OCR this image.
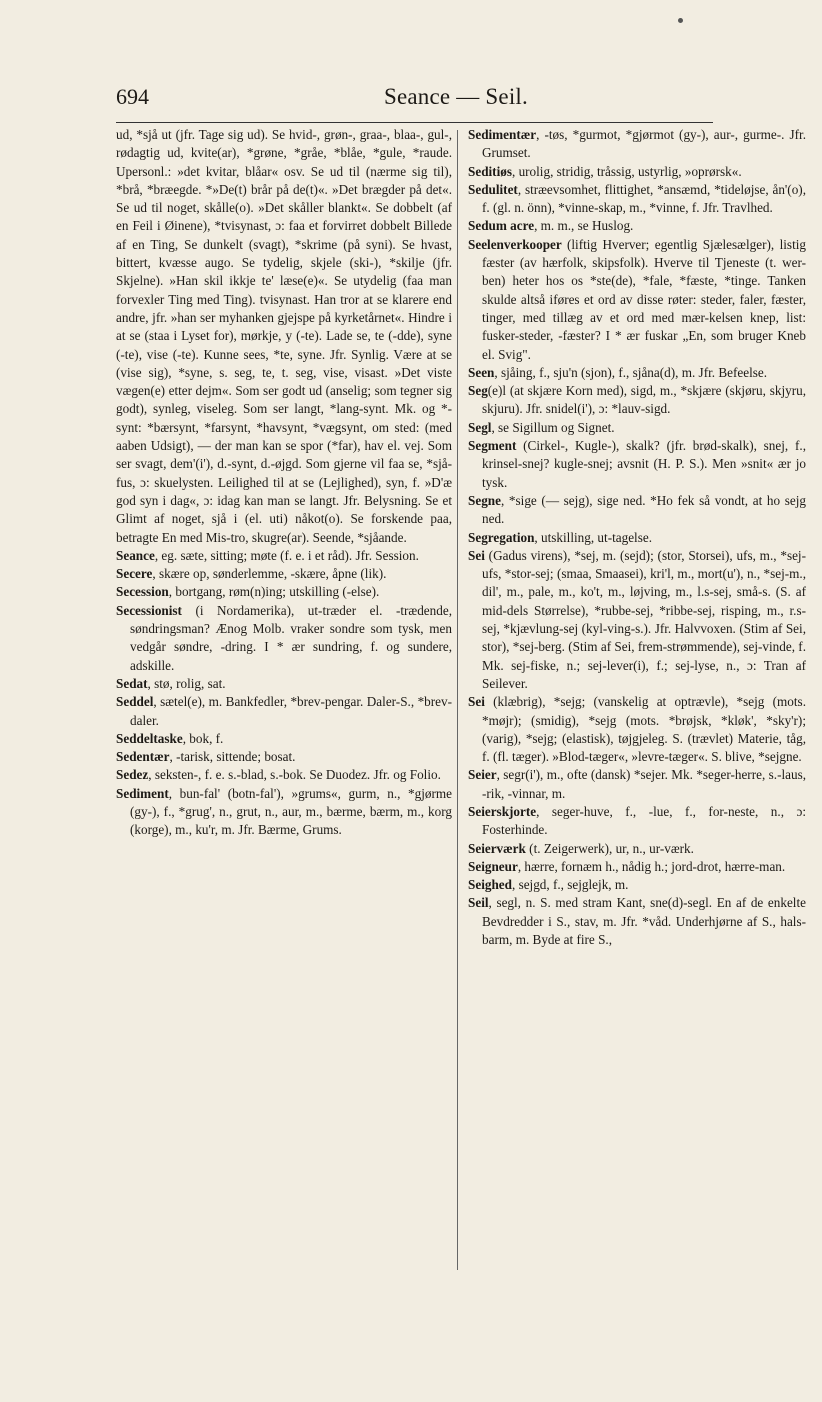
694	Seance — Seil.

ud, *sjå ut (jfr. Tage sig ud). Se hvid-, grøn-, graa-, blaa-, gul-, rødagtig ud, kvite(ar), *grøne, *gråe, *blåe, *gule, *raude. Upersonl.: »det kvitar, blåar« osv. Se ud til (nærme sig til), *brå, *bræegde. *»De(t) brår på de(t)«. »Det brægder på det«. Se ud til noget, skålle(o). »Det skåller blankt«. Se dobbelt (af en Feil i Øinene), *tvisynast, ɔ: faa et forvirret dobbelt Billede af en Ting, Se dunkelt (svagt), *skrime (på syni). Se hvast, bittert, kvæsse augo. Se tydelig, skjele (ski-), *skilje (jfr. Skjelne). »Han skil ikkje te' læse(e)«. Se utydelig (faa man forvexler Ting med Ting). tvisynast. Han tror at se klarere end andre, jfr. »han ser myhanken gjejspe på kyrketårnet«. Hindre i at se (staa i Lyset for), mørkje, y (-te). Lade se, te (-dde), syne (-te), vise (-te). Kunne sees, *te, syne. Jfr. Synlig. Være at se (vise sig), *syne, s. seg, te, t. seg, vise, visast. »Det viste vægen(e) etter dejm«. Som ser godt ud (anselig; som tegner sig godt), synleg, viseleg. Som ser langt, *lang-synt. Mk. og *-synt: *bærsynt, *farsynt, *havsynt, *vægsynt, om sted: (med aaben Udsigt), — der man kan se spor (*far), hav el. vej. Som ser svagt, dem'(i'), d.-synt, d.-øjgd. Som gjerne vil faa se, *sjå-fus, ɔ: skuelysten. Leilighed til at se (Lejlighed), syn, f. »D'æ god syn i dag«, ɔ: idag kan man se langt. Jfr. Belysning. Se et Glimt af noget, sjå i (el. uti) nåkot(o). Se forskende paa, betragte En med Mis-tro, skugre(ar). Seende, *sjåande.

Seance, eg. sæte, sitting; møte (f. e. i et råd). Jfr. Session.

Secere, skære op, sønderlemme, -skære, åpne (lik).

Secession, bortgang, røm(n)ing; utskilling (-else).

Secessionist (i Nordamerika), ut-træder el. -trædende, søndringsman? Ænog Molb. vraker sondre som tysk, men vedgår søndre, -dring. I * ær sundring, f. og sundere, adskille.

Sedat, stø, rolig, sat.

Seddel, sætel(e), m. Bankfedler, *brev-pengar. Daler-S., *brev-daler.

Seddeltaske, bok, f.

Sedentær, -tarisk, sittende; bosat.

Sedez, seksten-, f. e. s.-blad, s.-bok. Se Duodez. Jfr. og Folio.

Sediment, bun-fal' (botn-fal'), »grums«, gurm, n., *gjørme (gy-), f., *grug', n., grut, n., aur, m., bærme, bærm, m., korg (korge), m., ku'r, m. Jfr. Bærme, Grums.

Sedimentær, -tøs, *gurmot, *gjørmot (gy-), aur-, gurme-. Jfr. Grumset.

Seditiøs, urolig, stridig, tråssig, ustyrlig, »oprørsk«.

Sedulitet, stræevsomhet, flittighet, *ansæmd, *tideløjse, ån'(o), f. (gl. n. önn), *vinne-skap, m., *vinne, f. Jfr. Travlhed.

Sedum acre, m. m., se Huslog.

Seelenverkooper (liftig Hverver; egentlig Sjælesælger), listig fæster (av hærfolk, skipsfolk). Hverve til Tjeneste (t. wer-ben) heter hos os *ste(de), *fale, *fæste, *tinge. Tanken skulde altså iføres et ord av disse røter: steder, faler, fæster, tinger, med tillæg av et ord med mær-kelsen knep, list: fusker-steder, -fæster? I * ær fuskar „En, som bruger Kneb el. Svig".

Seen, sjåing, f., sju'n (sjon), f., sjåna(d), m. Jfr. Befeelse.

Seg(e)l (at skjære Korn med), sigd, m., *skjære (skjøru, skjyru, skjuru). Jfr. snidel(i'), ɔ: *lauv-sigd.

Segl, se Sigillum og Signet.

Segment (Cirkel-, Kugle-), skalk? (jfr. brød-skalk), snej, f., krinsel-snej? kugle-snej; avsnit (H. P. S.). Men »snit« ær jo tysk.

Segne, *sige (— sejg), sige ned. *Ho fek så vondt, at ho sejg ned.

Segregation, utskilling, ut-tagelse.

Sei (Gadus virens), *sej, m. (sejd); (stor, Storsei), ufs, m., *sej-ufs, *stor-sej; (smaa, Smaasei), kri'l, m., mort(u'), n., *sej-m., dil', m., pale, m., ko't, m., løjving, m., l.s-sej, små-s. (S. af mid-dels Størrelse), *rubbe-sej, *ribbe-sej, risping, m., r.s-sej, *kjævlung-sej (kyl-ving-s.). Jfr. Halvvoxen. (Stim af Sei, stor), *sej-berg. (Stim af Sei, frem-strømmende), sej-vinde, f. Mk. sej-fiske, n.; sej-lever(i), f.; sej-lyse, n., ɔ: Tran af Seilever.

Sei (klæbrig), *sejg; (vanskelig at optrævle), *sejg (mots. *møjr); (smidig), *sejg (mots. *brøjsk, *kløk', *sky'r); (varig), *sejg; (elastisk), tøjgjeleg. S. (trævlet) Materie, tåg, f. (fl. tæger). »Blod-tæger«, »levre-tæger«. S. blive, *sejgne.

Seier, segr(i'), m., ofte (dansk) *sejer. Mk. *seger-herre, s.-laus, -rik, -vinnar, m.

Seierskjorte, seger-huve, f., -lue, f., for-neste, n., ɔ: Fosterhinde.

Seierværk (t. Zeigerwerk), ur, n., ur-værk.

Seigneur, hærre, fornæm h., nådig h.; jord-drot, hærre-man.

Seighed, sejgd, f., sejglejk, m.

Seil, segl, n. S. med stram Kant, sne(d)-segl. En af de enkelte Bevdredder i S., stav, m. Jfr. *våd. Underhjørne af S., hals-barm, m. Byde at fire S.,
